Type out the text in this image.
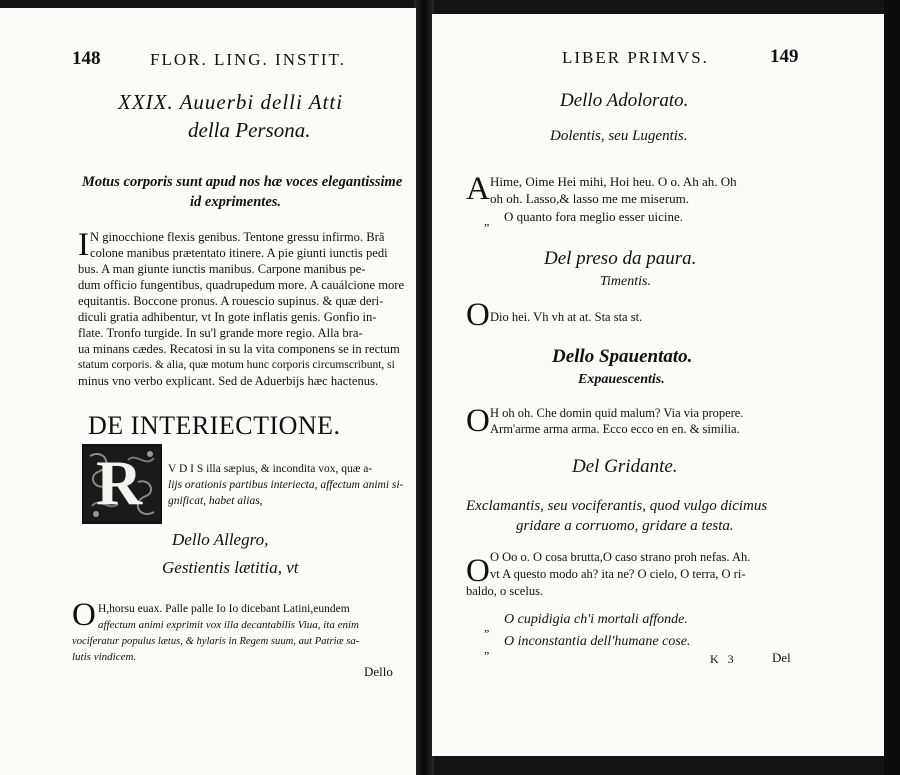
148	FLOR. LING. INSTIT.
XXIX. Auuerbi delli Atti
della Persona.
Motus corporis sunt apud nos hæ voces elegantissime
id exprimentes.
I N ginocchione flexis genibus. Tentone gressu infirmo. Brã
colone manibus prætentato itinere. A pie giunti iunctis pedi
bus. A man giunte iunctis manibus. Carpone manibus pe-
dum officio fungentibus, quadrupedum more. A cauálcione more
equitantis. Boccone pronus. A rouescio supinus. & quæ deri-
diculi gratia adhibentur, vt In gote inflatis genis. Gonfio in-
flate. Tronfo turgide. In su'l grande more regio. Alla bra-
ua minans cædes. Recatosi in su la vita componens se in rectum
statum corporis. & alia, quæ motum hunc corporis circumscribunt, si
minus vno verbo explicant. Sed de Aduerbijs hæc hactenus.
DE INTERIECTIONE.
R V D I S illa sæpius, & incondita vox, quæ a-
lijs orationis partibus interiecta, affectum animi si-
gnificat, habet alias,
Dello Allegro,
Gestientis lætitia, vt
O H,horsu euax. Palle palle Io Io dicebant Latini,eundem
affectum animi exprimit vox illa decantabilis Viua, ita enim
vociferatur populus lætus, & hylaris in Regem suum, aut Patriæ sa-
lutis vindicem.
Dello
LIBER PRIMVS.	149
Dello Adolorato.
Dolentis, seu Lugentis.
A Hime, Oime Hei mihi, Hoi heu. O o. Ah ah. Oh
oh oh. Lasso,& lasso me me miserum.
„ O quanto fora meglio esser uicine.
Del preso da paura.
Timentis.
O Dio hei. Vh vh at at. Sta sta st.
Dello Spauentato.
Expauescentis.
O H oh oh. Che domin quid malum? Via via propere.
Arm'arme arma arma. Ecco ecco en en. & similia.
Del Gridante.
Exclamantis, seu vociferantis, quod vulgo dicimus
gridare a corruomo, gridare a testa.
O O Oo o. O cosa brutta,O caso strano proh nefas. Ah.
vt A questo modo ah? ita ne? O cielo, O terra, O ri-
baldo, o scelus.
„ O cupidigia ch'i mortali affonde.
„ O inconstantia dell'humane cose.
K 3	Del
